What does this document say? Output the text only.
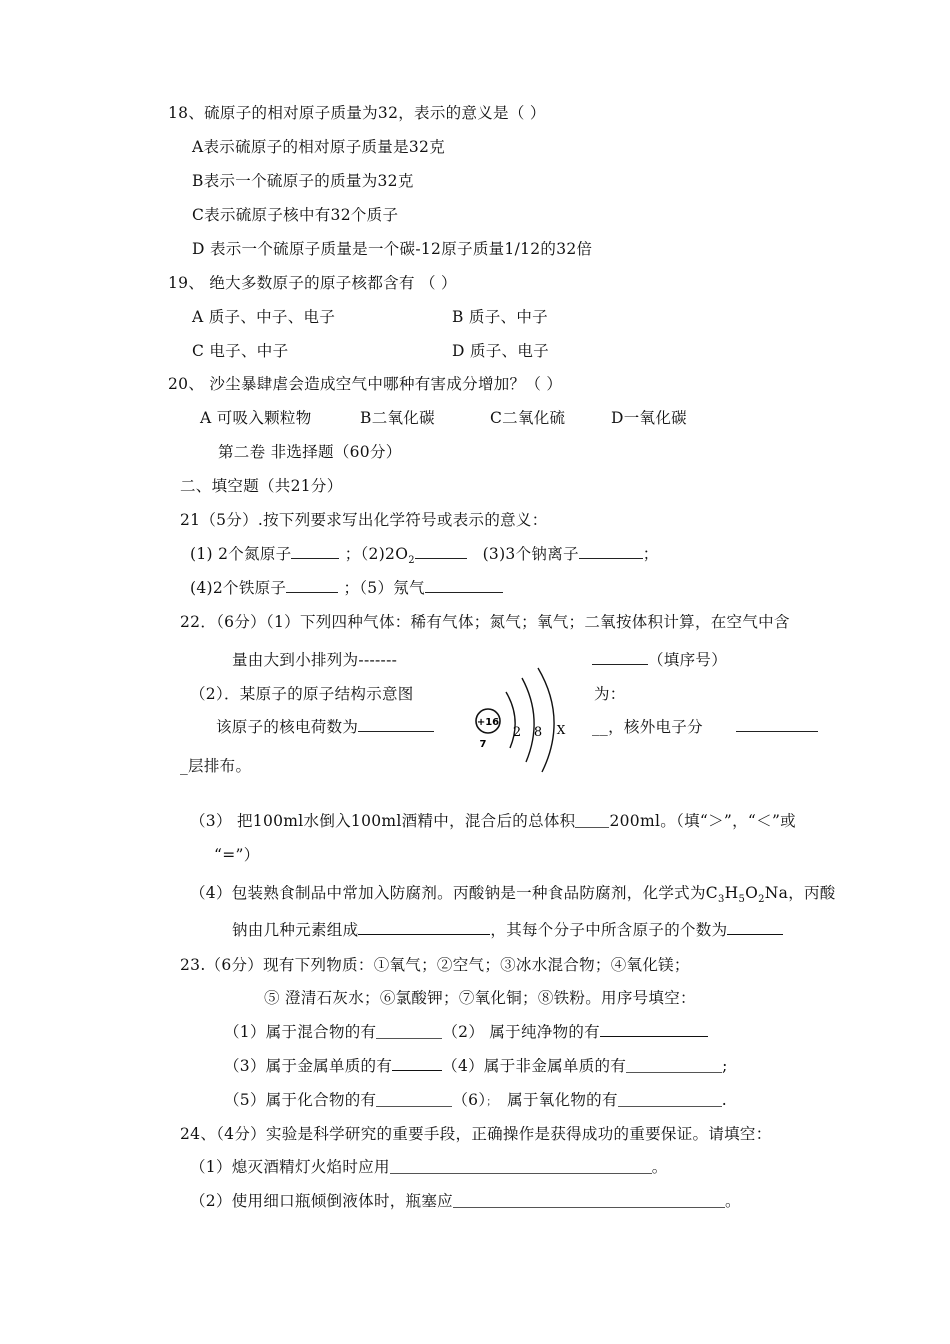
18、硫原子的相对原子质量为32，表示的意义是（ ）
A表示硫原子的相对原子质量是32克
B表示一个硫原子的质量为32克
C表示硫原子核中有32个质子
D 表示一个硫原子质量是一个碳-12原子质量1/12的32倍
19、 绝大多数原子的原子核都含有 （ ）
A 质子、中子、电子	B 质子、中子
C 电子、中子	D 质子、电子
20、 沙尘暴肆虐会造成空气中哪种有害成分增加？（ ）
A 可吸入颗粒物	B二氧化碳	C二氧化硫	D一氧化碳
第二卷 非选择题（60分）
二、填空题（共21分）
21（5分）.按下列要求写出化学符号或表示的意义：
(1) 2个氮原子	；$(2)2O_2$	(3)3个钠离子	；
(4)2个铁原子	；（5）氖气
22．（6分）（1）下列四种气体：稀有气体；氮气；氧气；二氧按体积计算，在空气中含
量由大到小排列为-------	（填序号）
（2）．某原子的原子结构示意图	为：
该原子的核电荷数为	__，核外电子分
_层排布。
+16
7
2 8 X
（3） 把100ml水倒入100ml酒精中，混合后的总体积 200ml。（填“＞”，“＜”或
“=”）
（4）包装熟食制品中常加入防腐剂。丙酸钠是一种食品防腐剂，化学式为$C_3H_5O_2Na$，丙酸
钠由几种元素组成	，其每个分子中所含原子的个数为
23.（6分）现有下列物质：①氧气；②空气；③冰水混合物；④氧化镁；
⑤ 澄清石灰水；⑥氯酸钾；⑦氧化铜；⑧铁粉。用序号填空：
（1）属于混合物的有	（2） 属于纯净物的有
（3）属于金属单质的有	（4）属于非金属单质的有	;
（5）属于化合物的有	（6）； 属于氧化物的有	.
24、（4分）实验是科学研究的重要手段，正确操作是获得成功的重要保证。请填空：
（1）熄灭酒精灯火焰时应用	。
（2）使用细口瓶倾倒液体时，瓶塞应	。
